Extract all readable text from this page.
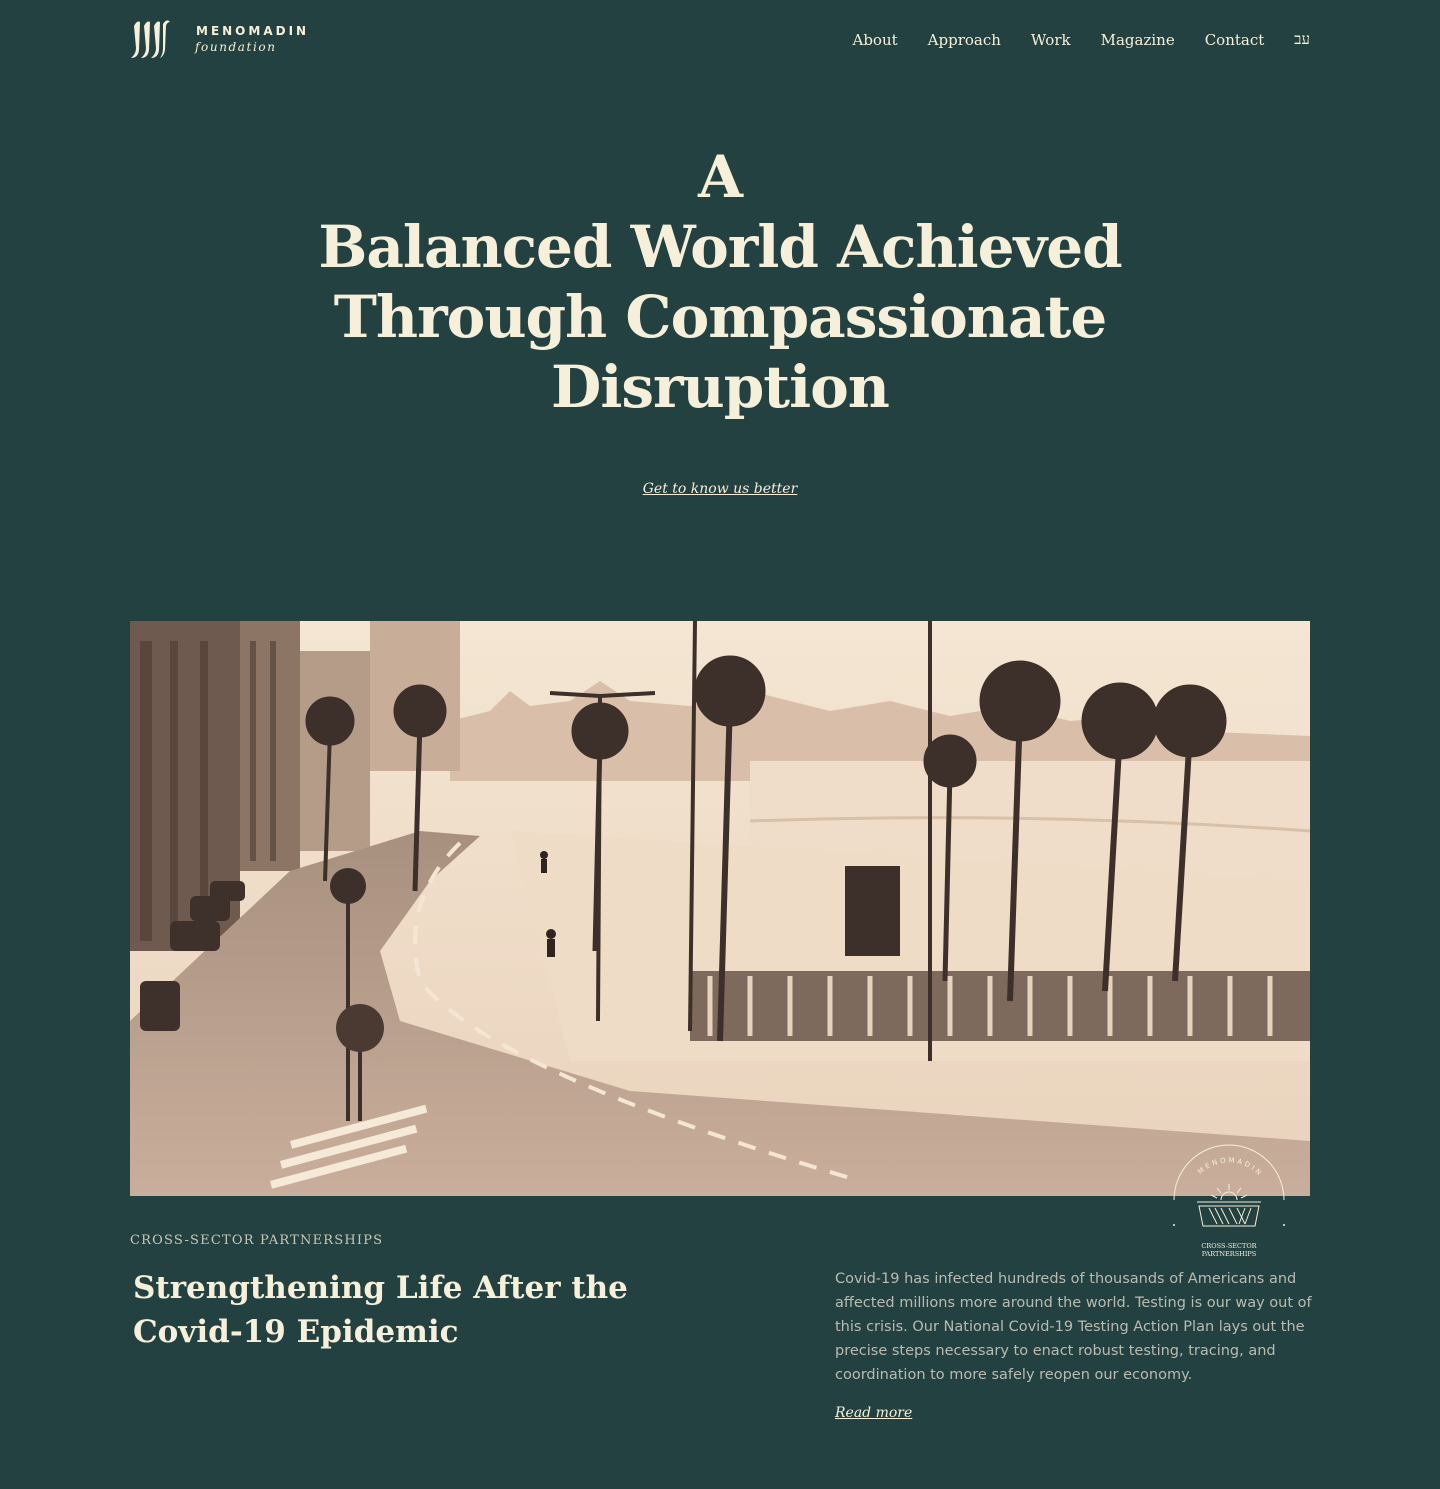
MENOMADIN
foundation	About Approach Work Magazine Contact עב
A
Balanced World Achieved
Through Compassionate
Disruption
Get to know us better
MENOMADIN
CROSS-SECTOR
PARTNERSHIPS
CROSS-SECTOR PARTNERSHIPS
Strengthening Life After the Covid-19 Epidemic

Covid-19 has infected hundreds of thousands of Americans and affected millions more around the world. Testing is our way out of this crisis. Our National Covid-19 Testing Action Plan lays out the precise steps necessary to enact robust testing, tracing, and coordination to more safely reopen our economy.

Read more
